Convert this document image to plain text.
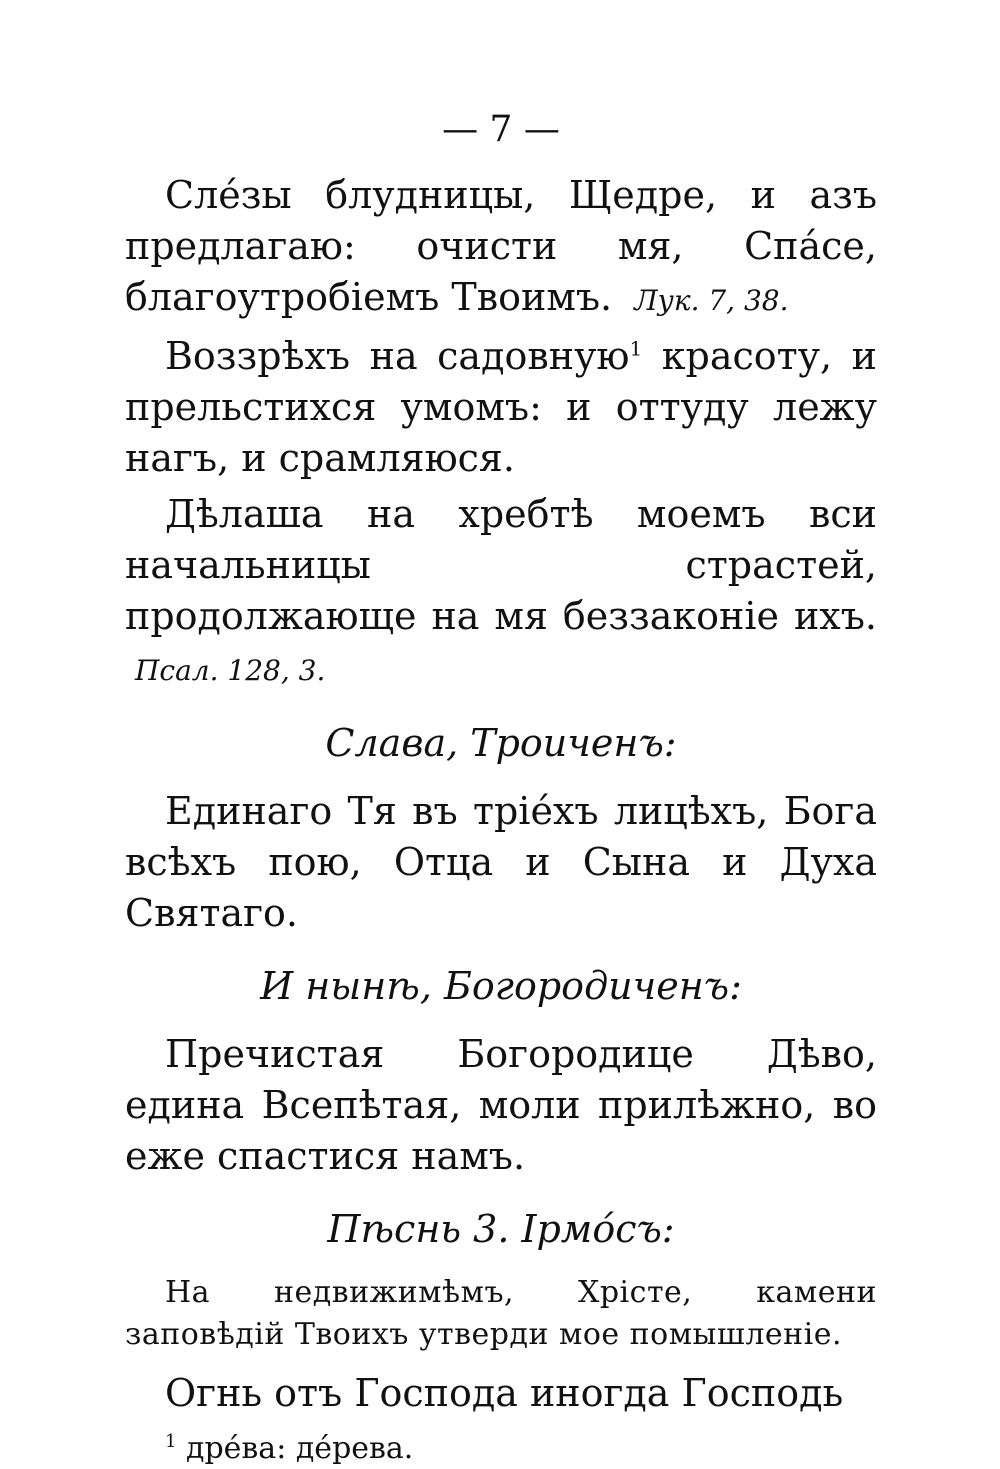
— 7 —

Сле́зы блудницы, Щедре, и азъ предлагаю: очисти мя, Спа́се, благоутробіемъ Твоимъ. Лук. 7, 38.

Воззрѣхъ на садовную$^1$ красоту, и прельстихся умомъ: и оттуду лежу нагъ, и срамляюся.

Дѣлаша на хребтѣ моемъ вси начальницы страстей, продолжающе на мя беззаконіе ихъ. Псал. 128, 3.

Слава, Троиченъ:

Единаго Тя въ тріе́хъ лицѣхъ, Бога всѣхъ пою, Отца и Сына и Духа Святаго.

И нынѣ, Богородиченъ:

Пречистая Богородице Дѣво, едина Всепѣтая, моли прилѣжно, во еже спастися намъ.

Пѣснь 3. Ірмо́съ:

На недвижимѣмъ, Хрісте, камени заповѣдій Твоихъ утверди мое помышленіе.

Огнь отъ Господа иногда Господь

$^1$ дре́ва: де́рева.
